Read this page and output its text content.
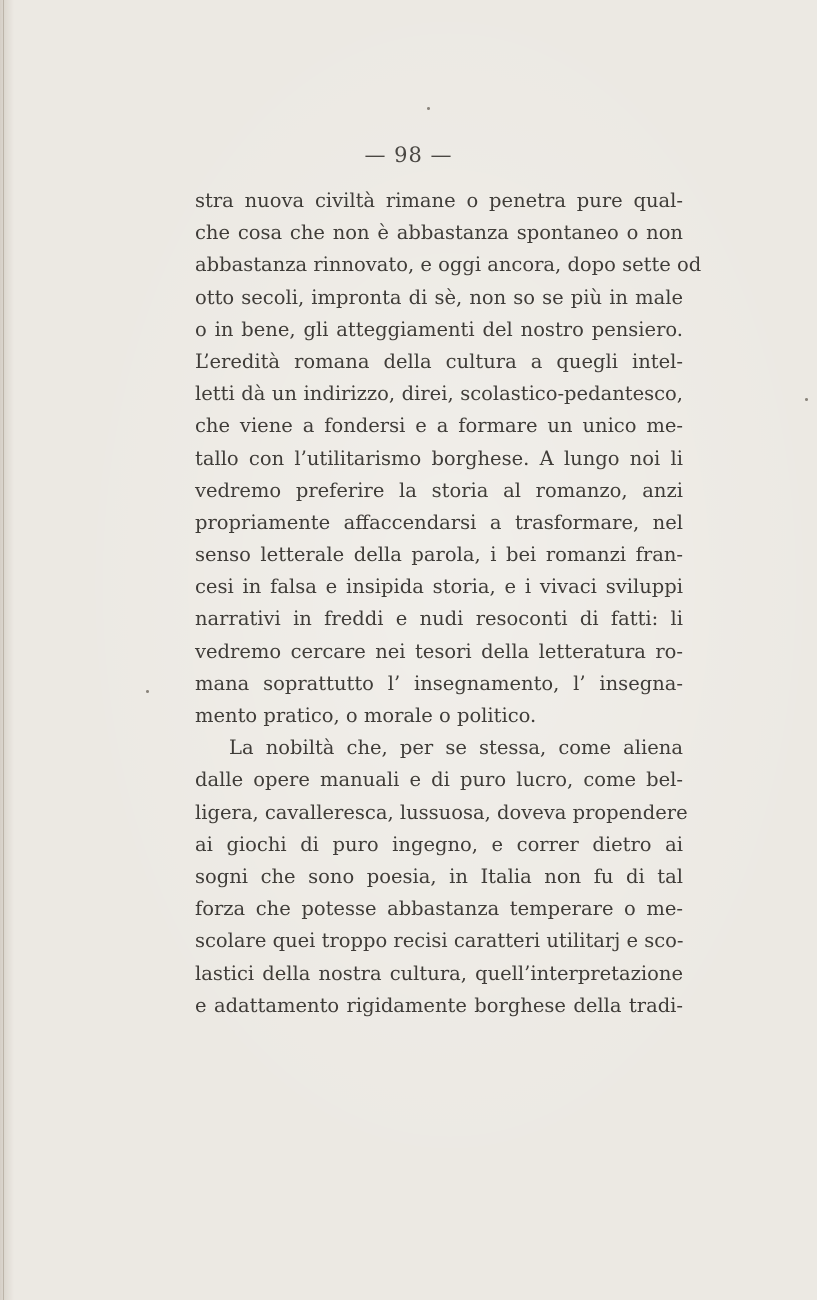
— 98 —
stra nuova civiltà rimane o penetra pure qual-
che cosa che non è abbastanza spontaneo o non
abbastanza rinnovato, e oggi ancora, dopo sette od
otto secoli, impronta di sè, non so se più in male
o in bene, gli atteggiamenti del nostro pensiero.
L’eredità romana della cultura a quegli intel-
letti dà un indirizzo, direi, scolastico-pedantesco,
che viene a fondersi e a formare un unico me-
tallo con l’utilitarismo borghese. A lungo noi li
vedremo preferire la storia al romanzo, anzi
propriamente affaccendarsi a trasformare, nel
senso letterale della parola, i bei romanzi fran-
cesi in falsa e insipida storia, e i vivaci sviluppi
narrativi in freddi e nudi resoconti di fatti: li
vedremo cercare nei tesori della letteratura ro-
mana soprattutto l’ insegnamento, l’ insegna-
mento pratico, o morale o politico.
La nobiltà che, per se stessa, come aliena
dalle opere manuali e di puro lucro, come bel-
ligera, cavalleresca, lussuosa, doveva propendere
ai giochi di puro ingegno, e correr dietro ai
sogni che sono poesia, in Italia non fu di tal
forza che potesse abbastanza temperare o me-
scolare quei troppo recisi caratteri utilitarj e sco-
lastici della nostra cultura, quell’interpretazione
e adattamento rigidamente borghese della tradi-
